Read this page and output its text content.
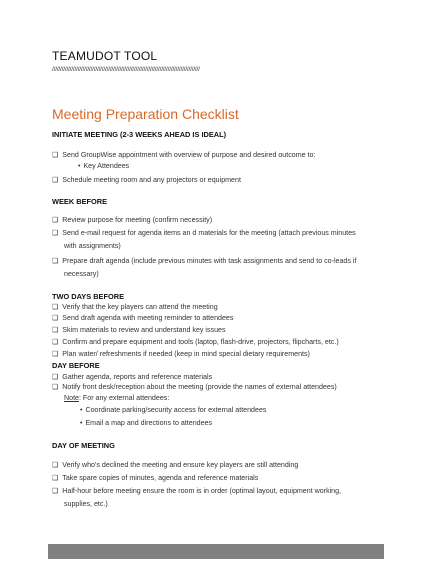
TEAMUDOT TOOL
////////////////////////////////////////////////////////////////////////////////////////////
Meeting Preparation Checklist
INITIATE MEETING (2-3 WEEKS AHEAD IS IDEAL)
❑ Send GroupWise appointment with overview of purpose and desired outcome to:
• Key Attendees
❑ Schedule meeting room and any projectors or equipment
WEEK BEFORE
❑ Review purpose for meeting (confirm necessity)
❑ Send e-mail request for agenda items an d materials for the meeting (attach previous minutes
with assignments)
❑ Prepare draft agenda (include previous minutes with task assignments and send to co-leads if
necessary)
TWO DAYS BEFORE
❑ Verify that the key players can attend the meeting
❑ Send draft agenda with meeting reminder to attendees
❑ Skim materials to review and understand key issues
❑ Confirm and prepare equipment and tools (laptop, flash-drive, projectors, flipcharts, etc.)
❑ Plan water/ refreshments if needed (keep in mind special dietary requirements)
DAY BEFORE
❑ Gather agenda, reports and reference materials
❑ Notify front desk/reception about the meeting (provide the names of external attendees)
Note: For any external attendees:
• Coordinate parking/security access for external attendees
• Email a map and directions to attendees
DAY OF MEETING
❑ Verify who's declined the meeting and ensure key players are still attending
❑ Take spare copies of minutes, agenda and reference materials
❑ Half-hour before meeting ensure the room is in order (optimal layout, equipment working,
supplies, etc.)
